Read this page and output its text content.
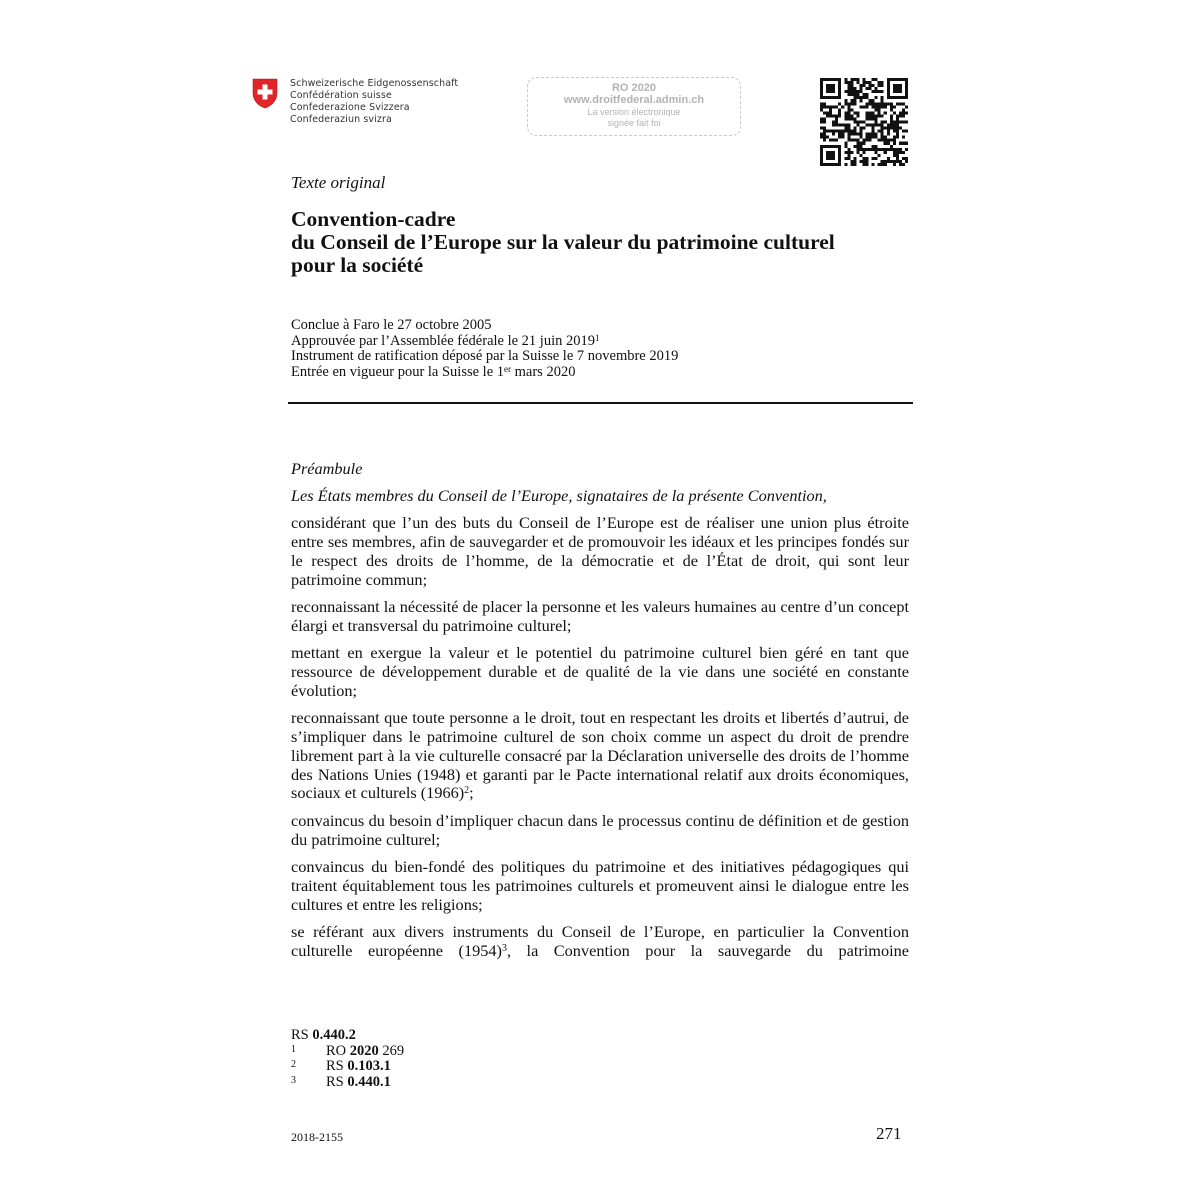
Schweizerische Eidgenossenschaft
Confédération suisse
Confederazione Svizzera
Confederaziun svizra
RO 2020
www.droitfederal.admin.ch
La version électronique
signée fait foi
Texte original
Convention-cadre
du Conseil de l’Europe sur la valeur du patrimoine culturel
pour la société
Conclue à Faro le 27 octobre 2005
Approuvée par l’Assemblée fédérale le 21 juin 2019$^1$
Instrument de ratification déposé par la Suisse le 7 novembre 2019
Entrée en vigueur pour la Suisse le 1er mars 2020

Préambule

Les États membres du Conseil de l’Europe, signataires de la présente Convention,

considérant que l’un des buts du Conseil de l’Europe est de réaliser une union plus étroite entre ses membres, afin de sauvegarder et de promouvoir les idéaux et les principes fondés sur le respect des droits de l’homme, de la démocratie et de l’État de droit, qui sont leur patrimoine commun;

reconnaissant la nécessité de placer la personne et les valeurs humaines au centre d’un concept élargi et transversal du patrimoine culturel;

mettant en exergue la valeur et le potentiel du patrimoine culturel bien géré en tant que ressource de développement durable et de qualité de la vie dans une société en constante évolution;

reconnaissant que toute personne a le droit, tout en respectant les droits et libertés d’autrui, de s’impliquer dans le patrimoine culturel de son choix comme un aspect du droit de prendre librement part à la vie culturelle consacré par la Déclaration universelle des droits de l’homme des Nations Unies (1948) et garanti par le Pacte international relatif aux droits économiques, sociaux et culturels $(1966)^2$;

convaincus du besoin d’impliquer chacun dans le processus continu de définition et de gestion du patrimoine culturel;

convaincus du bien-fondé des politiques du patrimoine et des initiatives pédagogiques qui traitent équitablement tous les patrimoines culturels et promeuvent ainsi le dialogue entre les cultures et entre les religions;

se référant aux divers instruments du Conseil de l’Europe, en particulier la Convention culturelle européenne $(1954)^3$, la Convention pour la sauvegarde du patrimoine

RS 0.440.2
1	RO 2020 269
2	RS 0.103.1
3	RS 0.440.1
2018-2155	271
